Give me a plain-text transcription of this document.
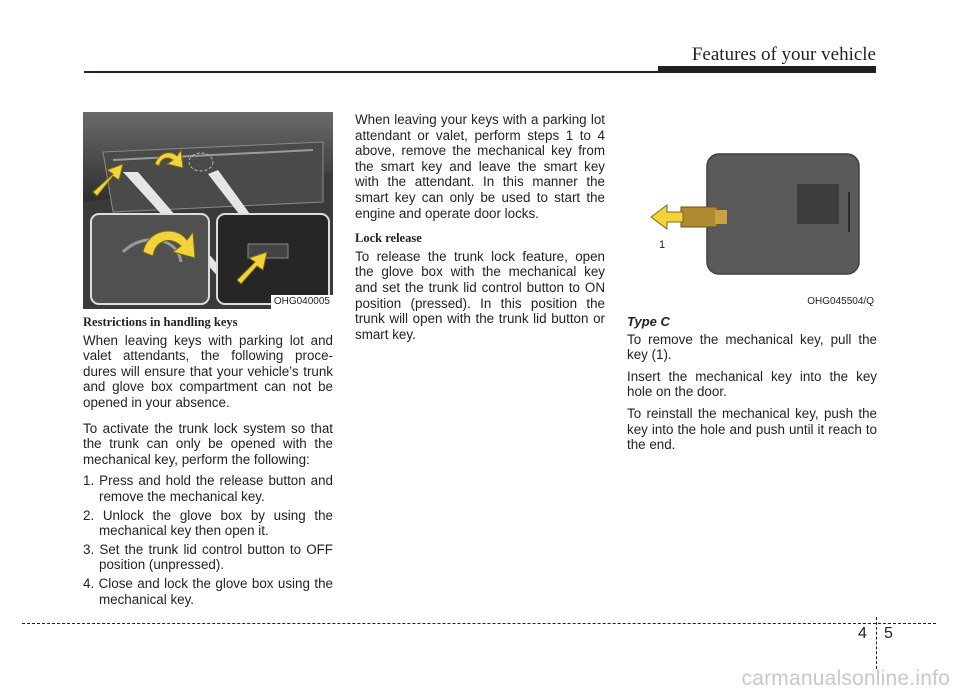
Features of your vehicle
OHG040005
Restrictions in handling keys

When leaving keys with parking lot and valet attendants, the following proce-dures will ensure that your vehicle’s trunk and glove box compartment can not be opened in your absence.

To activate the trunk lock system so that the trunk can only be opened with the mechanical key, perform the following:

1. Press and hold the release button and remove the mechanical key.
2. Unlock the glove box by using the mechanical key then open it.
3. Set the trunk lid control button to OFF position (unpressed).
4. Close and lock the glove box using the mechanical key.

When leaving your keys with a parking lot attendant or valet, perform steps 1 to 4 above, remove the mechanical key from the smart key and leave the smart key with the attendant. In this manner the smart key can only be used to start the engine and operate door locks.

Lock release

To release the trunk lock feature, open the glove box with the mechanical key and set the trunk lid control button to ON position (pressed). In this position the trunk will open with the trunk lid button or smart key.

1
OHG045504/Q
Type C

To remove the mechanical key, pull the key (1).

Insert the mechanical key into the key hole on the door.

To reinstall the mechanical key, push the key into the hole and push until it reach to the end.

4 5
carmanualsonline.info
